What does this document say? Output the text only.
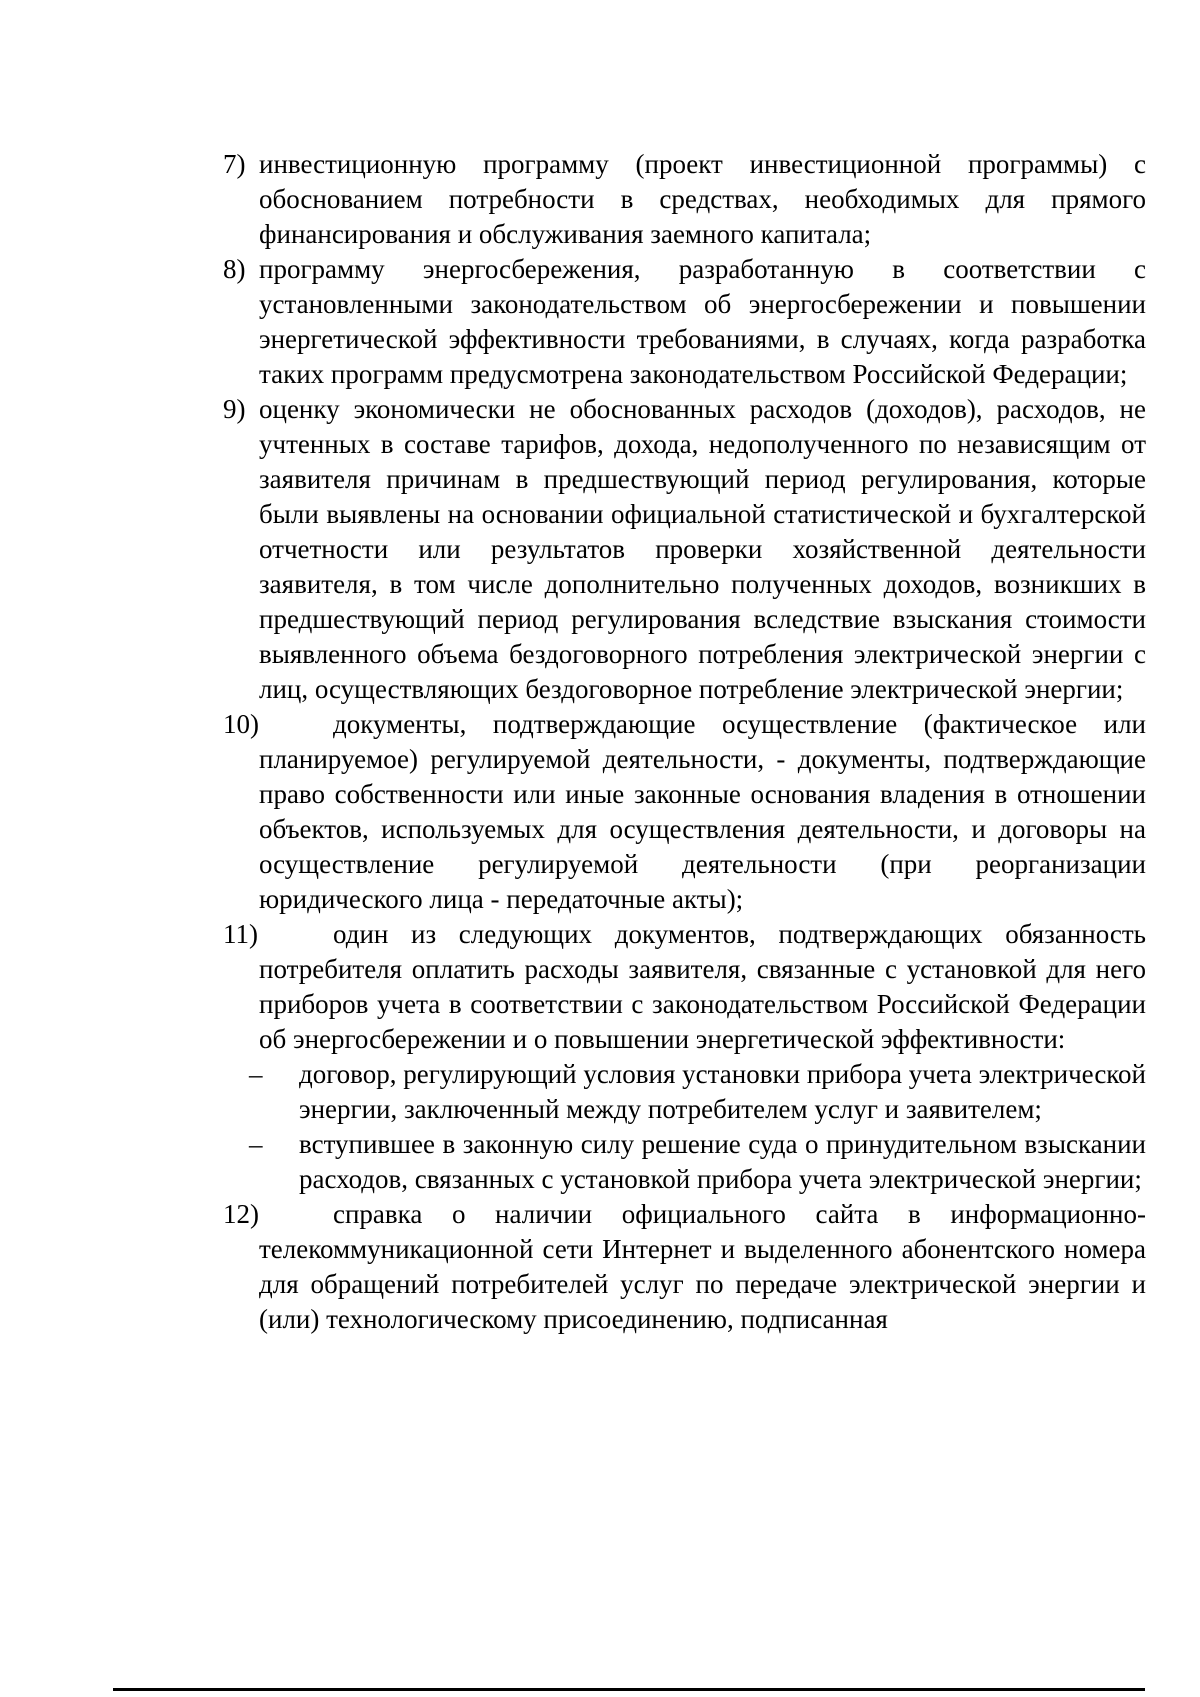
7) инвестиционную программу (проект инвестиционной программы) с обоснованием потребности в средствах, необходимых для прямого финансирования и обслуживания заемного капитала;
8) программу энергосбережения, разработанную в соответствии с установленными законодательством об энергосбережении и повышении энергетической эффективности требованиями, в случаях, когда разработка таких программ предусмотрена законодательством Российской Федерации;
9) оценку экономически не обоснованных расходов (доходов), расходов, не учтенных в составе тарифов, дохода, недополученного по независящим от заявителя причинам в предшествующий период регулирования, которые были выявлены на основании официальной статистической и бухгалтерской отчетности или результатов проверки хозяйственной деятельности заявителя, в том числе дополнительно полученных доходов, возникших в предшествующий период регулирования вследствие взыскания стоимости выявленного объема бездоговорного потребления электрической энергии с лиц, осуществляющих бездоговорное потребление электрической энергии;
10)	документы, подтверждающие осуществление (фактическое или планируемое) регулируемой деятельности, - документы, подтверждающие право собственности или иные законные основания владения в отношении объектов, используемых для осуществления деятельности, и договоры на осуществление регулируемой деятельности (при реорганизации юридического лица - передаточные акты);
11)	один из следующих документов, подтверждающих обязанность потребителя оплатить расходы заявителя, связанные с установкой для него приборов учета в соответствии с законодательством Российской Федерации об энергосбережении и о повышении энергетической эффективности:
– договор, регулирующий условия установки прибора учета электрической энергии, заключенный между потребителем услуг и заявителем;
– вступившее в законную силу решение суда о принудительном взыскании расходов, связанных с установкой прибора учета электрической энергии;
12)	справка о наличии официального сайта в информационно-телекоммуникационной сети Интернет и выделенного абонентского номера для обращений потребителей услуг по передаче электрической энергии и (или) технологическому присоединению, подписанная
